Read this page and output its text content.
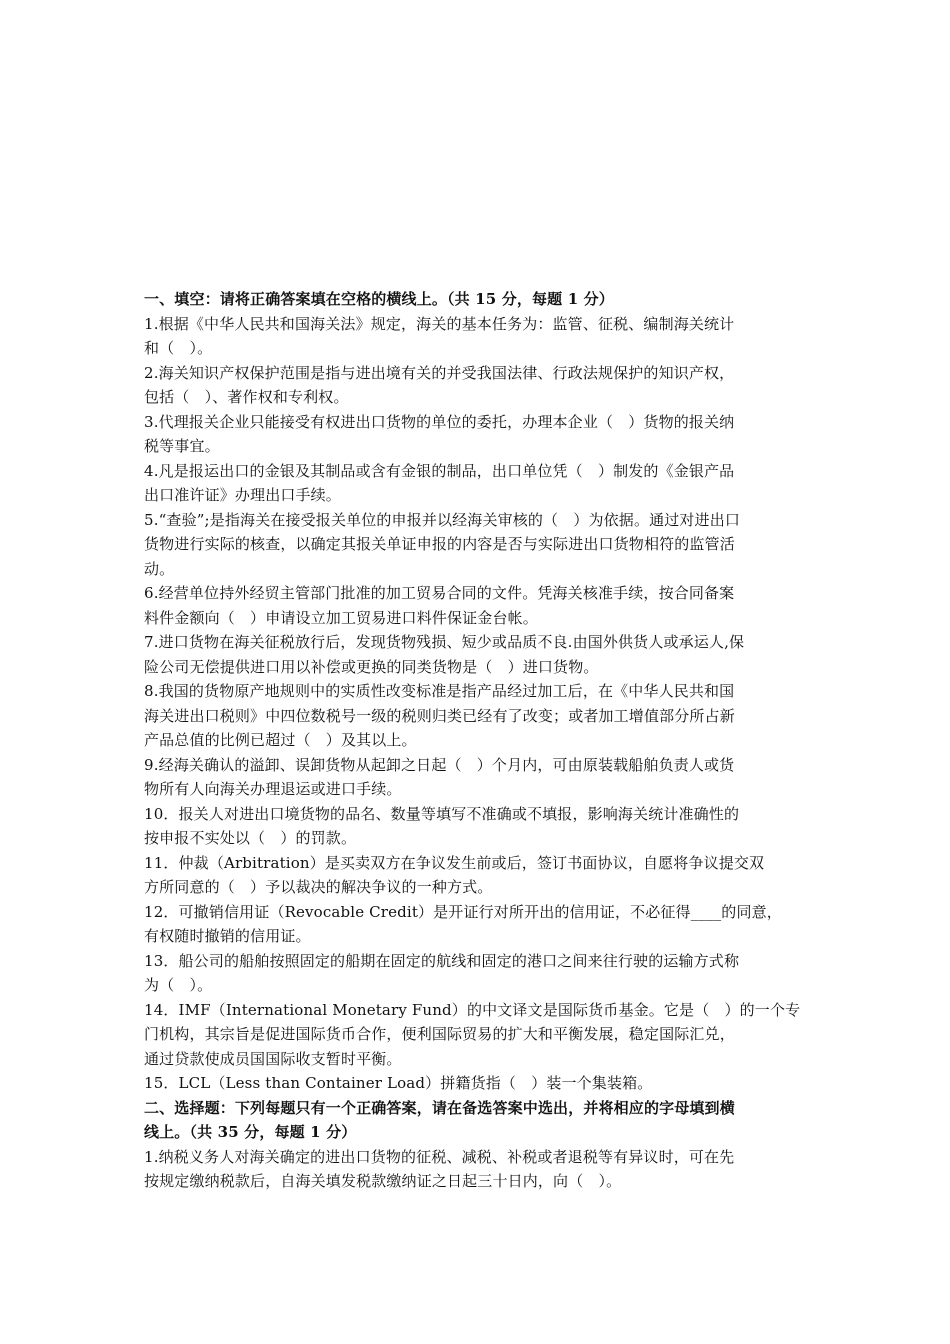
一、填空：请将正确答案填在空格的横线上。（共 15 分，每题 1 分）
1.根据《中华人民共和国海关法》规定，海关的基本任务为：监管、征税、编制海关统计
和（　）。
2.海关知识产权保护范围是指与进出境有关的并受我国法律、行政法规保护的知识产权，
包括（　）、著作权和专利权。
3.代理报关企业只能接受有权进出口货物的单位的委托，办理本企业（　）货物的报关纳
税等事宜。
4.凡是报运出口的金银及其制品或含有金银的制品，出口单位凭（　）制发的《金银产品
出口准许证》办理出口手续。
5.“查验”;是指海关在接受报关单位的申报并以经海关审核的（　）为依据。通过对进出口
货物进行实际的核查，以确定其报关单证申报的内容是否与实际进出口货物相符的监管活
动。
6.经营单位持外经贸主管部门批准的加工贸易合同的文件。凭海关核准手续，按合同备案
料件金额向（　）申请设立加工贸易进口料件保证金台帐。
7.进口货物在海关征税放行后，发现货物残损、短少或品质不良.由国外供货人或承运人,保
险公司无偿提供进口用以补偿或更换的同类货物是（　）进口货物。
8.我国的货物原产地规则中的实质性改变标准是指产品经过加工后，在《中华人民共和国
海关进出口税则》中四位数税号一级的税则归类已经有了改变；或者加工增值部分所占新
产品总值的比例已超过（　）及其以上。
9.经海关确认的溢卸、误卸货物从起卸之日起（　）个月内，可由原装载船舶负责人或货
物所有人向海关办理退运或进口手续。
10．报关人对进出口境货物的品名、数量等填写不准确或不填报，影响海关统计准确性的
按申报不实处以（　）的罚款。
11．仲裁（Arbitration）是买卖双方在争议发生前或后，签订书面协议，自愿将争议提交双
方所同意的（　）予以裁决的解决争议的一种方式。
12．可撤销信用证（Revocable Credit）是开证行对所开出的信用证，不必征得____的同意，
有权随时撤销的信用证。
13．船公司的船舶按照固定的船期在固定的航线和固定的港口之间来往行驶的运输方式称
为（　）。
14．IMF（International Monetary Fund）的中文译文是国际货币基金。它是（　）的一个专
门机构，其宗旨是促进国际货币合作，便利国际贸易的扩大和平衡发展，稳定国际汇兑，
通过贷款使成员国国际收支暂时平衡。
15．LCL（Less than Container Load）拼籍货指（　）装一个集装箱。
二、选择题：下列每题只有一个正确答案，请在备选答案中选出，并将相应的字母填到横
线上。（共 35 分，每题 1 分）
1.纳税义务人对海关确定的进出口货物的征税、减税、补税或者退税等有异议时，可在先
按规定缴纳税款后，自海关填发税款缴纳证之日起三十日内，向（　）。
